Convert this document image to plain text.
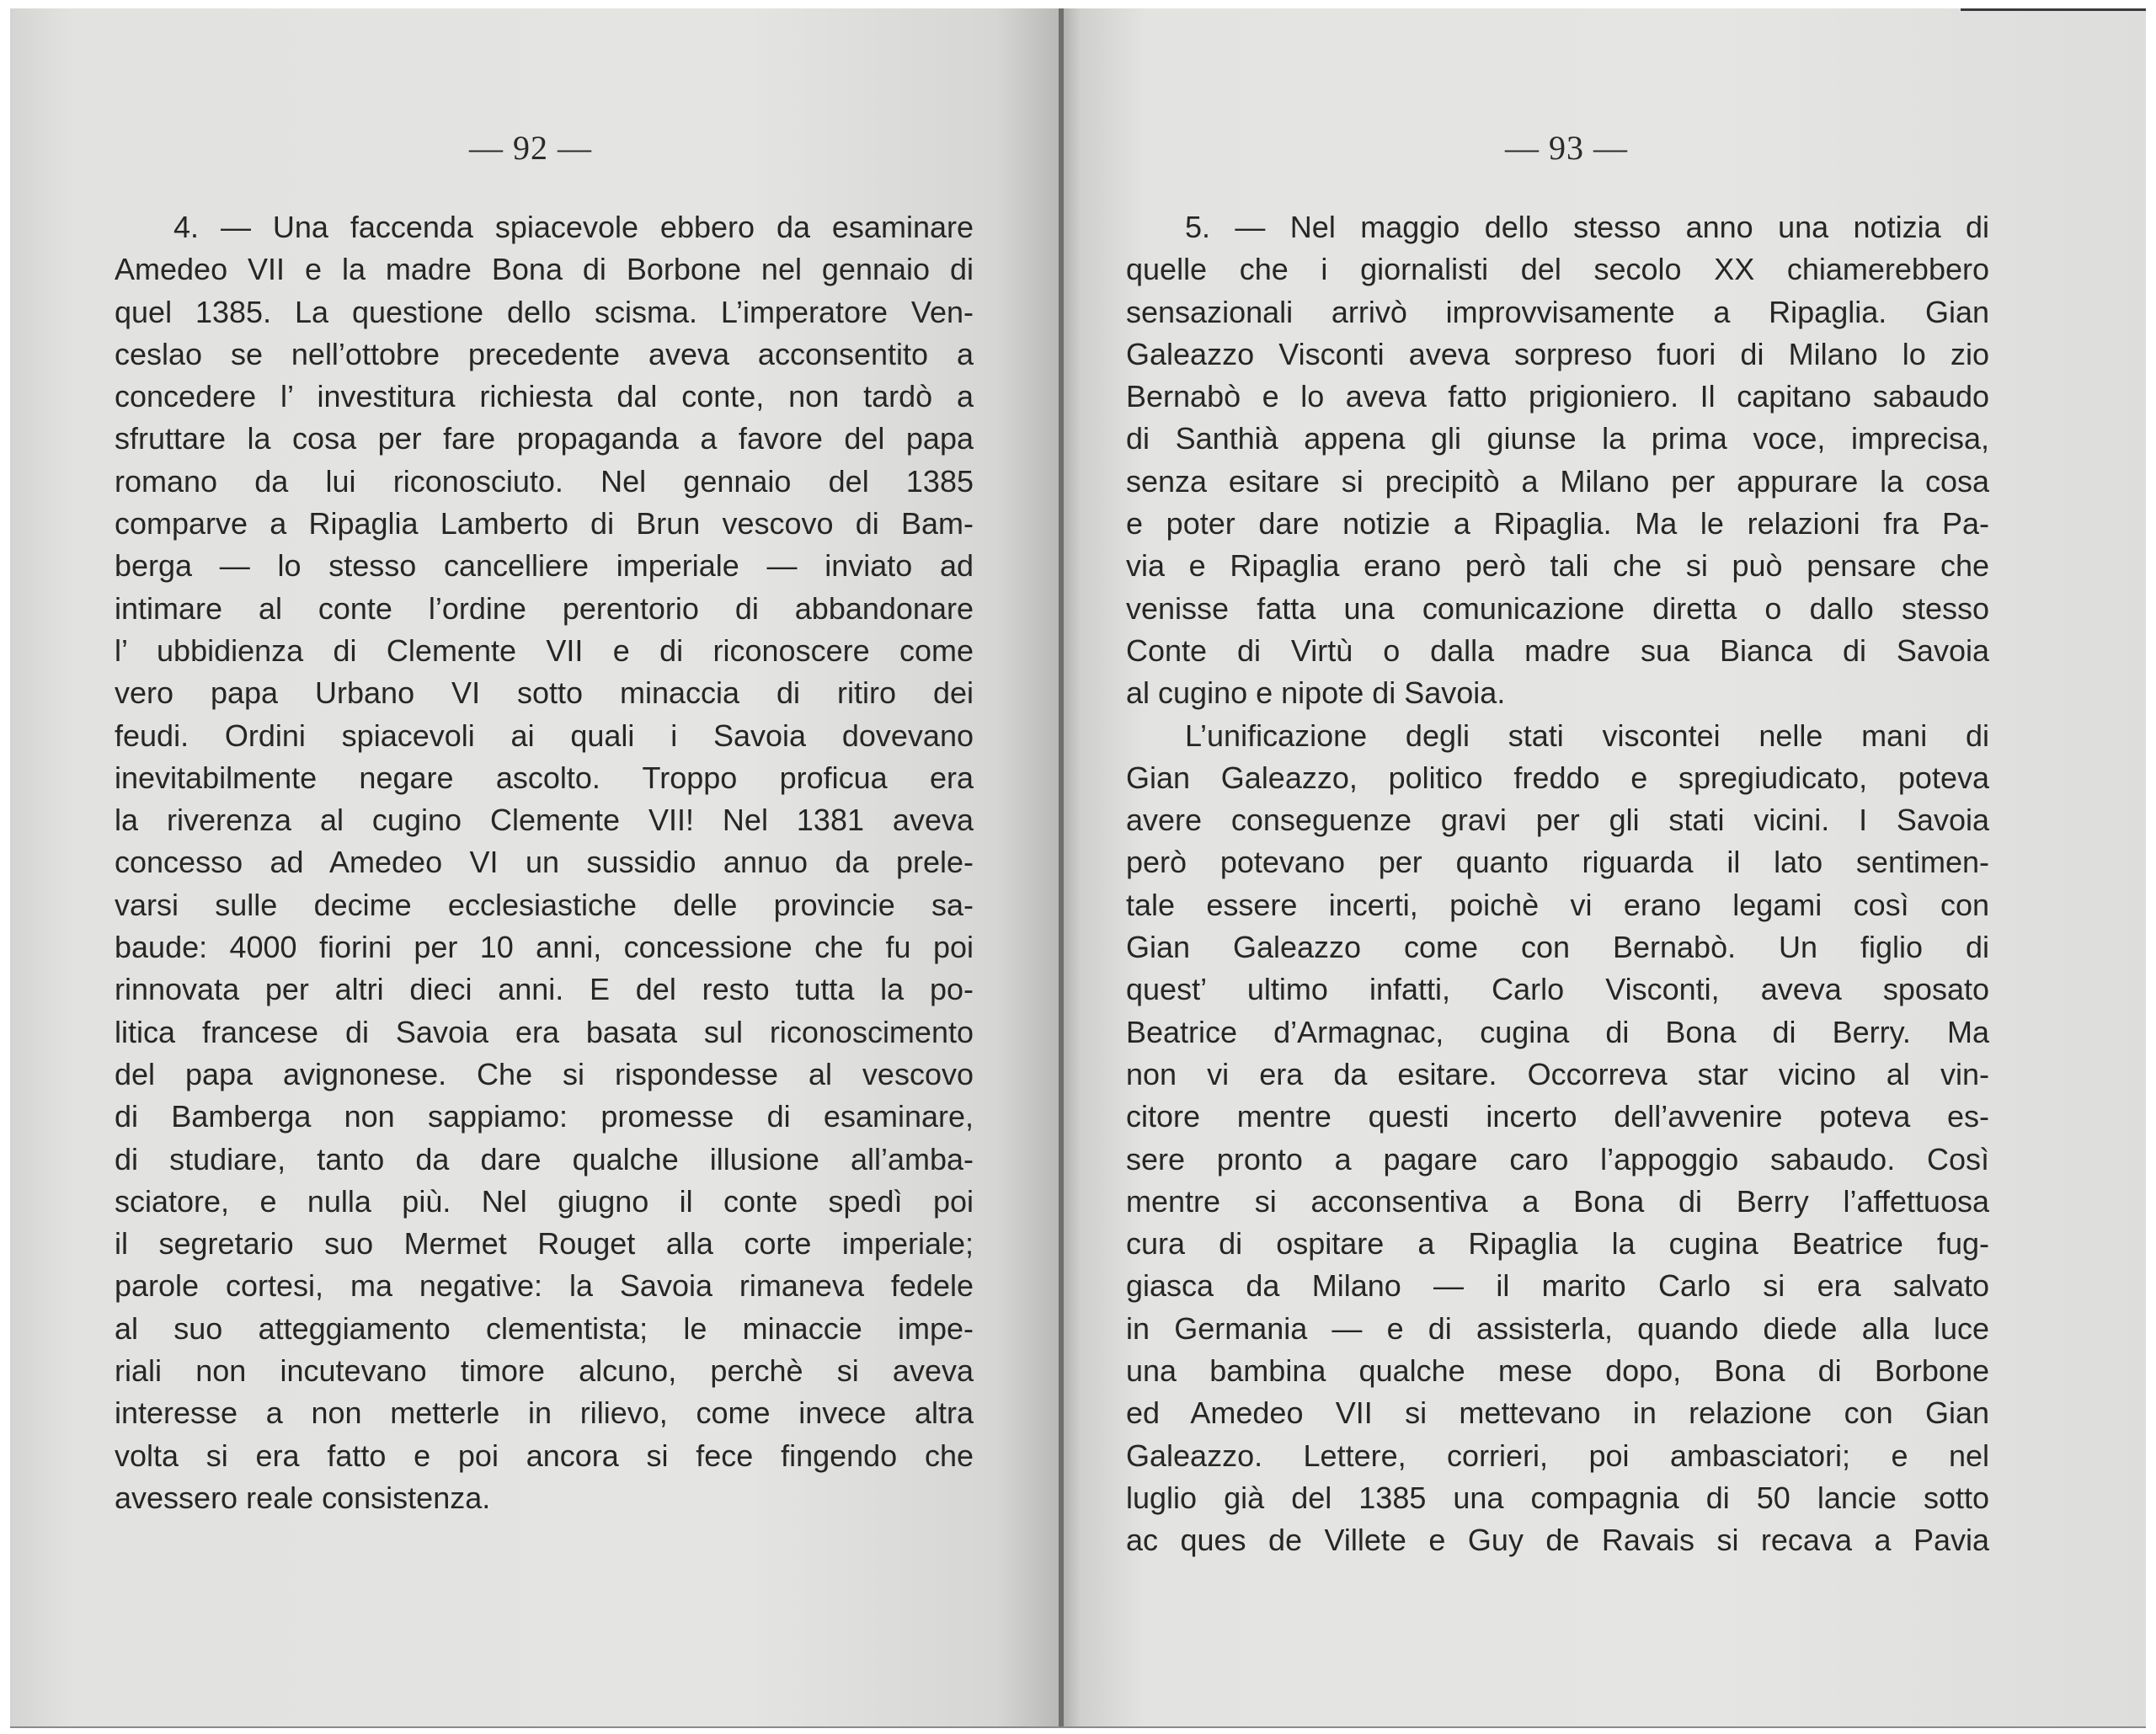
— 92 —
4. — Una faccenda spiacevole ebbero da esaminare
Amedeo VII e la madre Bona di Borbone nel gennaio di
quel 1385. La questione dello scisma. L’imperatore Ven-
ceslao se nell’ottobre precedente aveva acconsentito a
concedere l’ investitura richiesta dal conte, non tardò a
sfruttare la cosa per fare propaganda a favore del papa
romano da lui riconosciuto. Nel gennaio del 1385
comparve a Ripaglia Lamberto di Brun vescovo di Bam-
berga — lo stesso cancelliere imperiale — inviato ad
intimare al conte l’ordine perentorio di abbandonare
l’ ubbidienza di Clemente VII e di riconoscere come
vero papa Urbano VI sotto minaccia di ritiro dei
feudi. Ordini spiacevoli ai quali i Savoia dovevano
inevitabilmente negare ascolto. Troppo proficua era
la riverenza al cugino Clemente VII! Nel 1381 aveva
concesso ad Amedeo VI un sussidio annuo da prele-
varsi sulle decime ecclesiastiche delle provincie sa-
baude: 4000 fiorini per 10 anni, concessione che fu poi
rinnovata per altri dieci anni. E del resto tutta la po-
litica francese di Savoia era basata sul riconoscimento
del papa avignonese. Che si rispondesse al vescovo
di Bamberga non sappiamo: promesse di esaminare,
di studiare, tanto da dare qualche illusione all’amba-
sciatore, e nulla più. Nel giugno il conte spedì poi
il segretario suo Mermet Rouget alla corte imperiale;
parole cortesi, ma negative: la Savoia rimaneva fedele
al suo atteggiamento clementista; le minaccie impe-
riali non incutevano timore alcuno, perchè si aveva
interesse a non metterle in rilievo, come invece altra
volta si era fatto e poi ancora si fece fingendo che
avessero reale consistenza.
— 93 —
5. — Nel maggio dello stesso anno una notizia di
quelle che i giornalisti del secolo XX chiamerebbero
sensazionali arrivò improvvisamente a Ripaglia. Gian
Galeazzo Visconti aveva sorpreso fuori di Milano lo zio
Bernabò e lo aveva fatto prigioniero. Il capitano sabaudo
di Santhià appena gli giunse la prima voce, imprecisa,
senza esitare si precipitò a Milano per appurare la cosa
e poter dare notizie a Ripaglia. Ma le relazioni fra Pa-
via e Ripaglia erano però tali che si può pensare che
venisse fatta una comunicazione diretta o dallo stesso
Conte di Virtù o dalla madre sua Bianca di Savoia
al cugino e nipote di Savoia.
L’unificazione degli stati viscontei nelle mani di
Gian Galeazzo, politico freddo e spregiudicato, poteva
avere conseguenze gravi per gli stati vicini. I Savoia
però potevano per quanto riguarda il lato sentimen-
tale essere incerti, poichè vi erano legami così con
Gian Galeazzo come con Bernabò. Un figlio di
quest’ ultimo infatti, Carlo Visconti, aveva sposato
Beatrice d’Armagnac, cugina di Bona di Berry. Ma
non vi era da esitare. Occorreva star vicino al vin-
citore mentre questi incerto dell’avvenire poteva es-
sere pronto a pagare caro l’appoggio sabaudo. Così
mentre si acconsentiva a Bona di Berry l’affettuosa
cura di ospitare a Ripaglia la cugina Beatrice fug-
giasca da Milano — il marito Carlo si era salvato
in Germania — e di assisterla, quando diede alla luce
una bambina qualche mese dopo, Bona di Borbone
ed Amedeo VII si mettevano in relazione con Gian
Galeazzo. Lettere, corrieri, poi ambasciatori; e nel
luglio già del 1385 una compagnia di 50 lancie sotto
ac ques de Villete e Guy de Ravais si recava a Pavia
